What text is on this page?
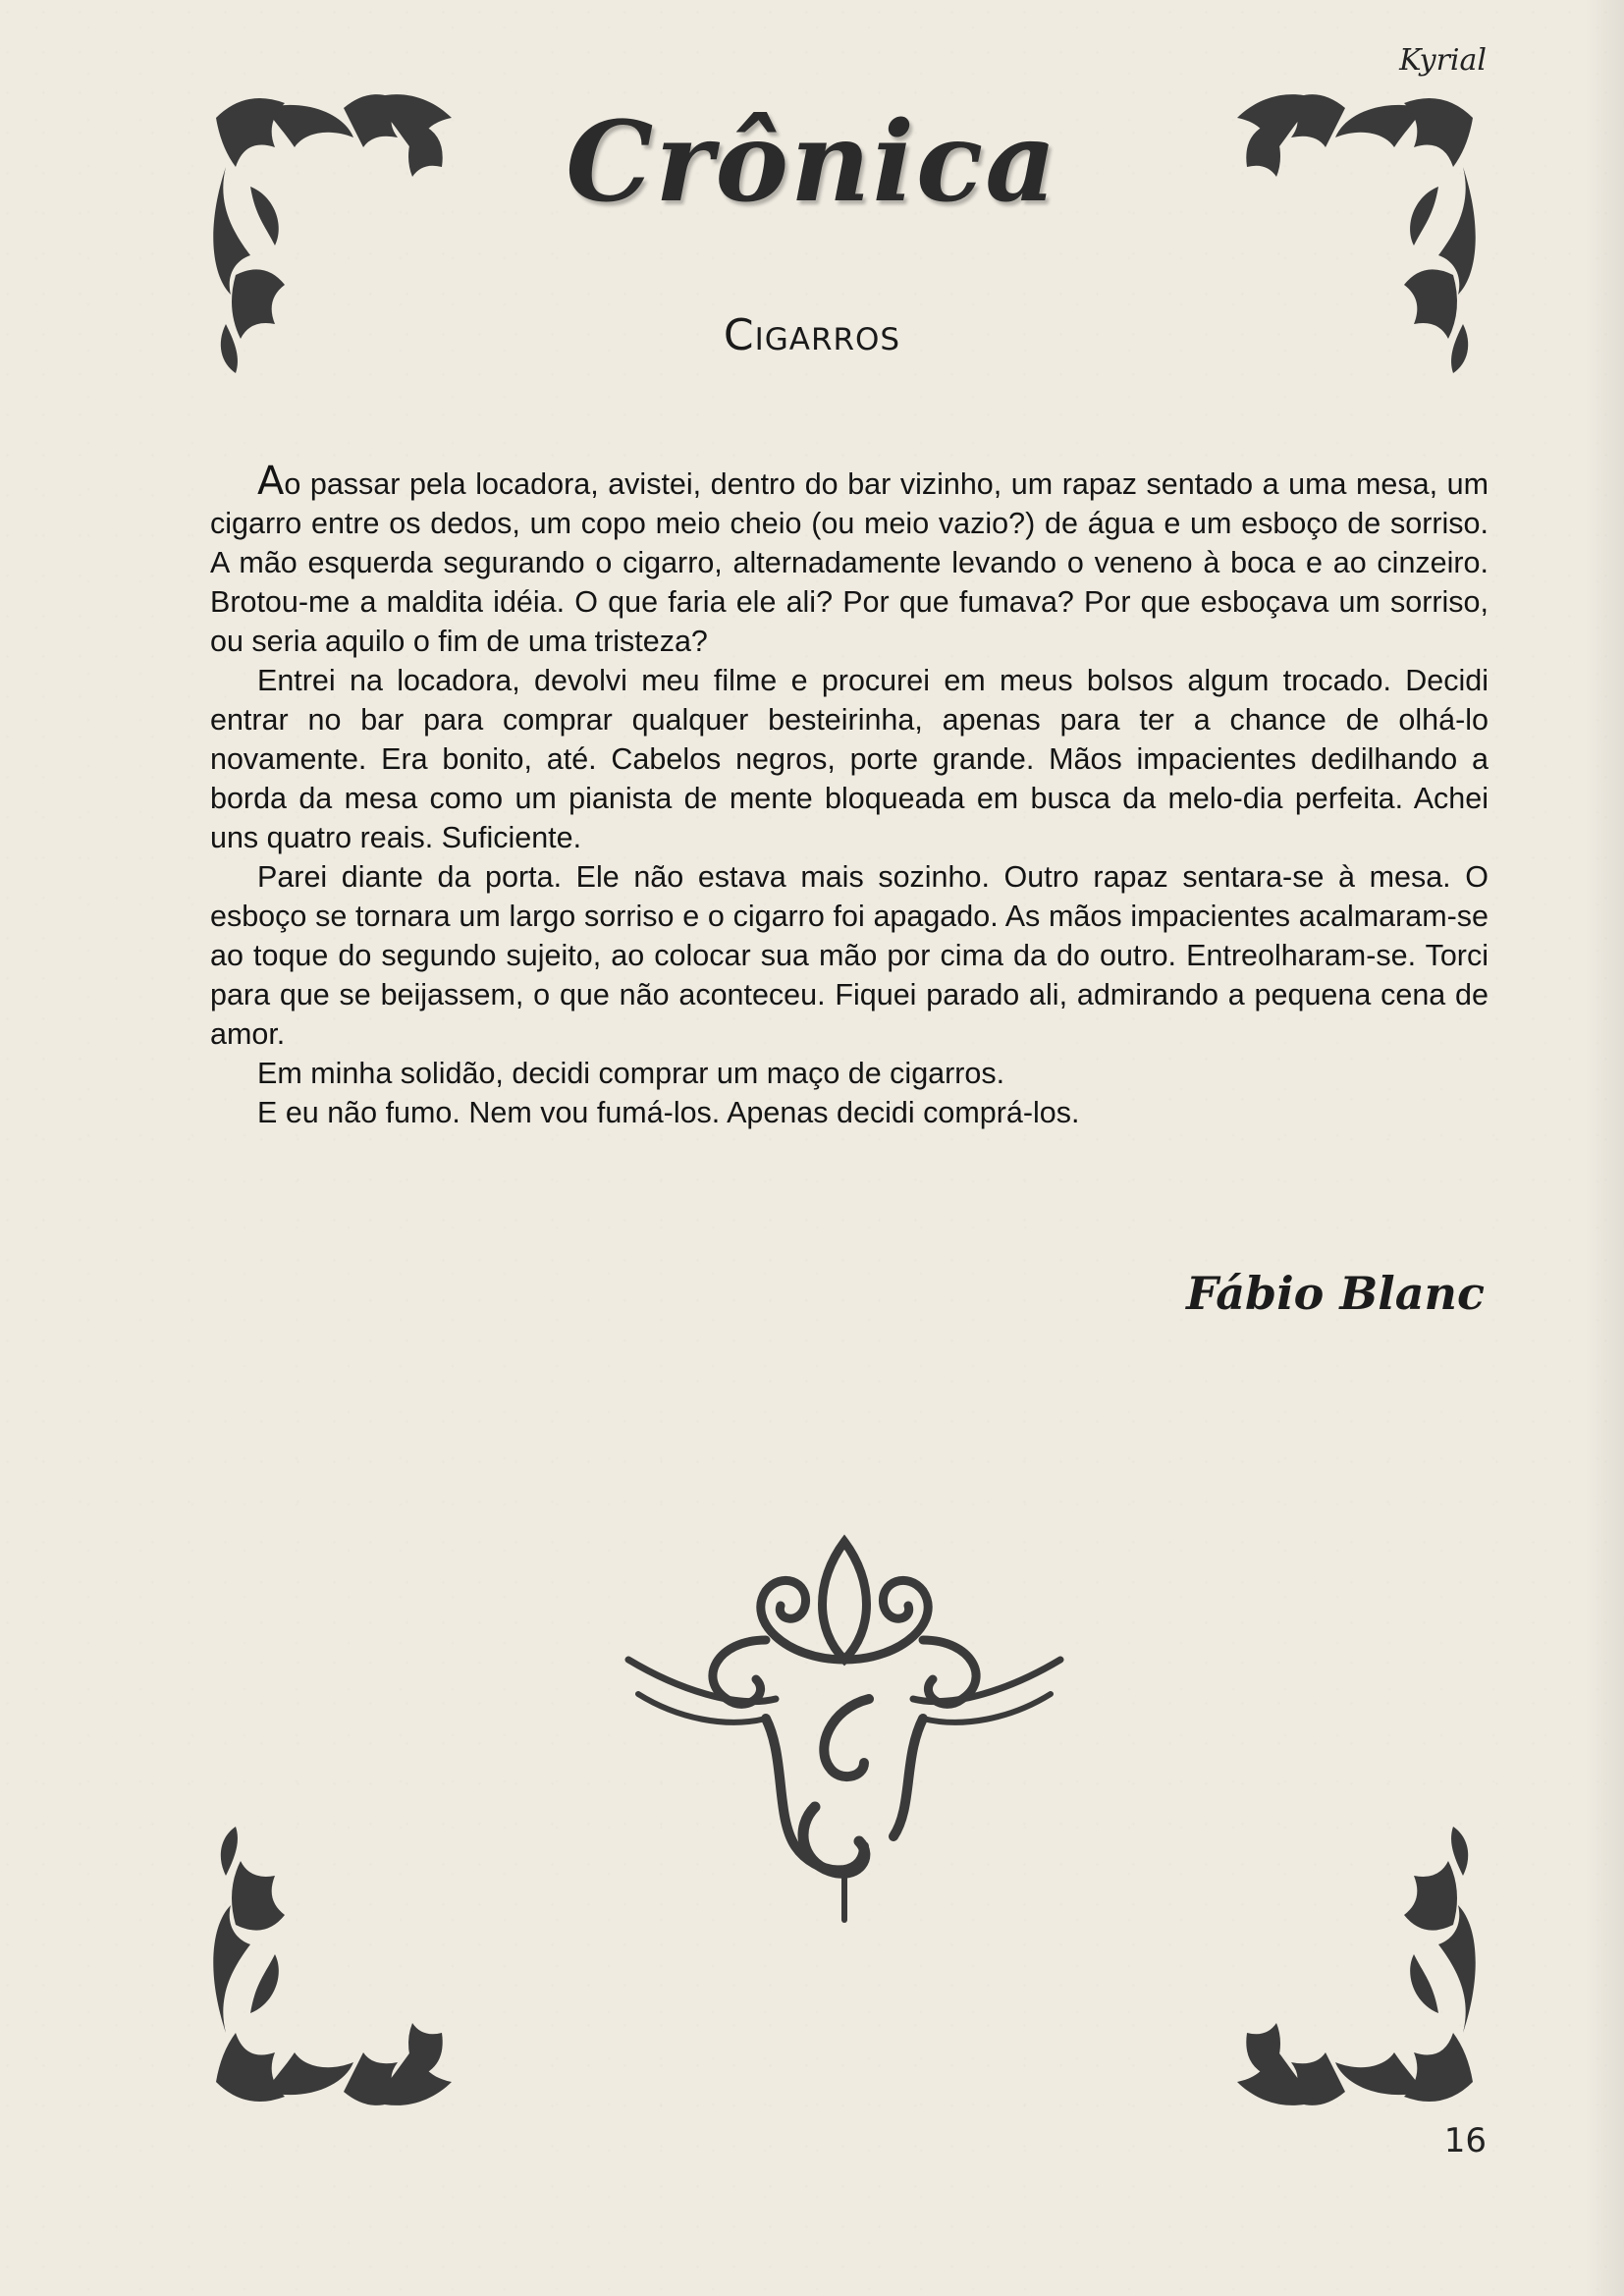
Kyrial
Crônica
Cigarros

Ao passar pela locadora, avistei, dentro do bar vizinho, um rapaz sentado a uma mesa, um cigarro entre os dedos, um copo meio cheio (ou meio vazio?) de água e um esboço de sorriso. A mão esquerda segurando o cigarro, alternadamente levando o veneno à boca e ao cinzeiro. Brotou-me a maldita idéia. O que faria ele ali? Por que fumava? Por que esboçava um sorriso, ou seria aquilo o fim de uma tristeza?

Entrei na locadora, devolvi meu filme e procurei em meus bolsos algum trocado. Decidi entrar no bar para comprar qualquer besteirinha, apenas para ter a chance de olhá-lo novamente. Era bonito, até. Cabelos negros, porte grande. Mãos impacientes dedilhando a borda da mesa como um pianista de mente bloqueada em busca da melo-dia perfeita. Achei uns quatro reais. Suficiente.

Parei diante da porta. Ele não estava mais sozinho. Outro rapaz sentara-se à mesa. O esboço se tornara um largo sorriso e o cigarro foi apagado. As mãos impacientes acalmaram-se ao toque do segundo sujeito, ao colocar sua mão por cima da do outro. Entreolharam-se. Torci para que se beijassem, o que não aconteceu. Fiquei parado ali, admirando a pequena cena de amor.

Em minha solidão, decidi comprar um maço de cigarros.

E eu não fumo. Nem vou fumá-los. Apenas decidi comprá-los.

Fábio Blanc
16
